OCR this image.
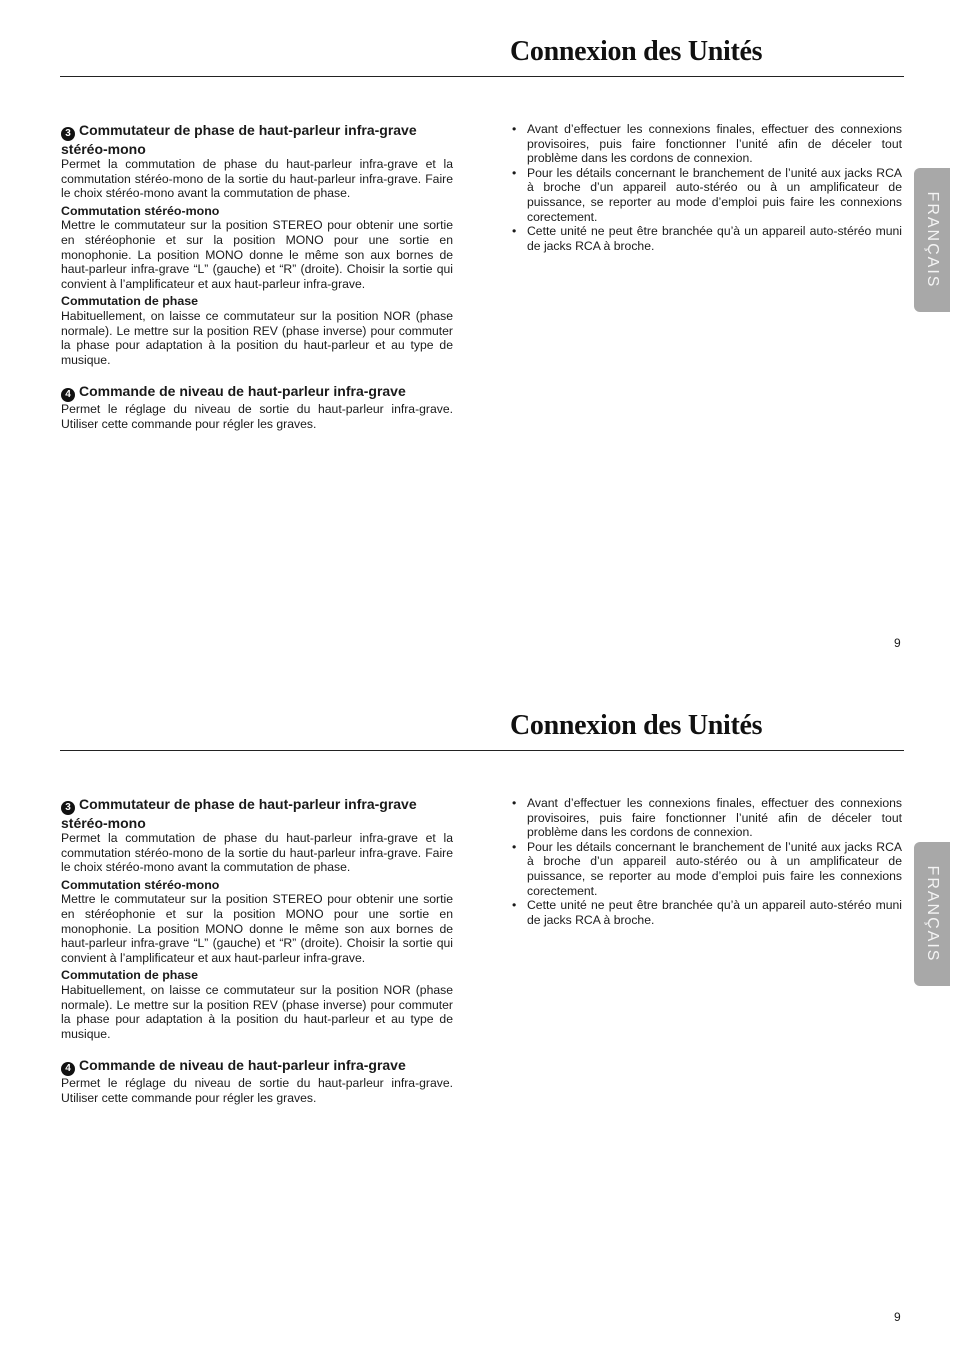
Connexion des Unités

3 Commutateur de phase de haut-parleur infra-grave stéréo-mono

Permet la commutation de phase du haut-parleur infra-grave et la commutation stéréo-mono de la sortie du haut-parleur infra-grave. Faire le choix stéréo-mono avant la commutation de phase.

Commutation stéréo-mono

Mettre le commutateur sur la position STEREO pour obtenir une sortie en stéréophonie et sur la position MONO pour une sortie en monophonie. La position MONO donne le même son aux bornes de haut-parleur infra-grave “L” (gauche) et “R” (droite). Choisir la sortie qui convient à l’amplificateur et aux haut-parleur infra-grave.

Commutation de phase

Habituellement, on laisse ce commutateur sur la position NOR (phase normale). Le mettre sur la position REV (phase inverse) pour commuter la phase pour adaptation à la position du haut-parleur et au type de musique.

4 Commande de niveau de haut-parleur infra-grave

Permet le réglage du niveau de sortie du haut-parleur infra-grave. Utiliser cette commande pour régler les graves.

• Avant d’effectuer les connexions finales, effectuer des connexions provisoires, puis faire fonctionner l’unité afin de déceler tout problème dans les cordons de connexion.
• Pour les détails concernant le branchement de l’unité aux jacks RCA à broche d’un appareil auto-stéréo ou à un amplificateur de puissance, se reporter au mode d’emploi puis faire les connexions corectement.
• Cette unité ne peut être branchée qu’à un appareil auto-stéréo muni de jacks RCA à broche.	FRANÇAIS
9
Connexion des Unités

3 Commutateur de phase de haut-parleur infra-grave stéréo-mono

Permet la commutation de phase du haut-parleur infra-grave et la commutation stéréo-mono de la sortie du haut-parleur infra-grave. Faire le choix stéréo-mono avant la commutation de phase.

Commutation stéréo-mono

Mettre le commutateur sur la position STEREO pour obtenir une sortie en stéréophonie et sur la position MONO pour une sortie en monophonie. La position MONO donne le même son aux bornes de haut-parleur infra-grave “L” (gauche) et “R” (droite). Choisir la sortie qui convient à l’amplificateur et aux haut-parleur infra-grave.

Commutation de phase

Habituellement, on laisse ce commutateur sur la position NOR (phase normale). Le mettre sur la position REV (phase inverse) pour commuter la phase pour adaptation à la position du haut-parleur et au type de musique.

4 Commande de niveau de haut-parleur infra-grave

Permet le réglage du niveau de sortie du haut-parleur infra-grave. Utiliser cette commande pour régler les graves.

• Avant d’effectuer les connexions finales, effectuer des connexions provisoires, puis faire fonctionner l’unité afin de déceler tout problème dans les cordons de connexion.
• Pour les détails concernant le branchement de l’unité aux jacks RCA à broche d’un appareil auto-stéréo ou à un amplificateur de puissance, se reporter au mode d’emploi puis faire les connexions corectement.
• Cette unité ne peut être branchée qu’à un appareil auto-stéréo muni de jacks RCA à broche.	FRANÇAIS
9
